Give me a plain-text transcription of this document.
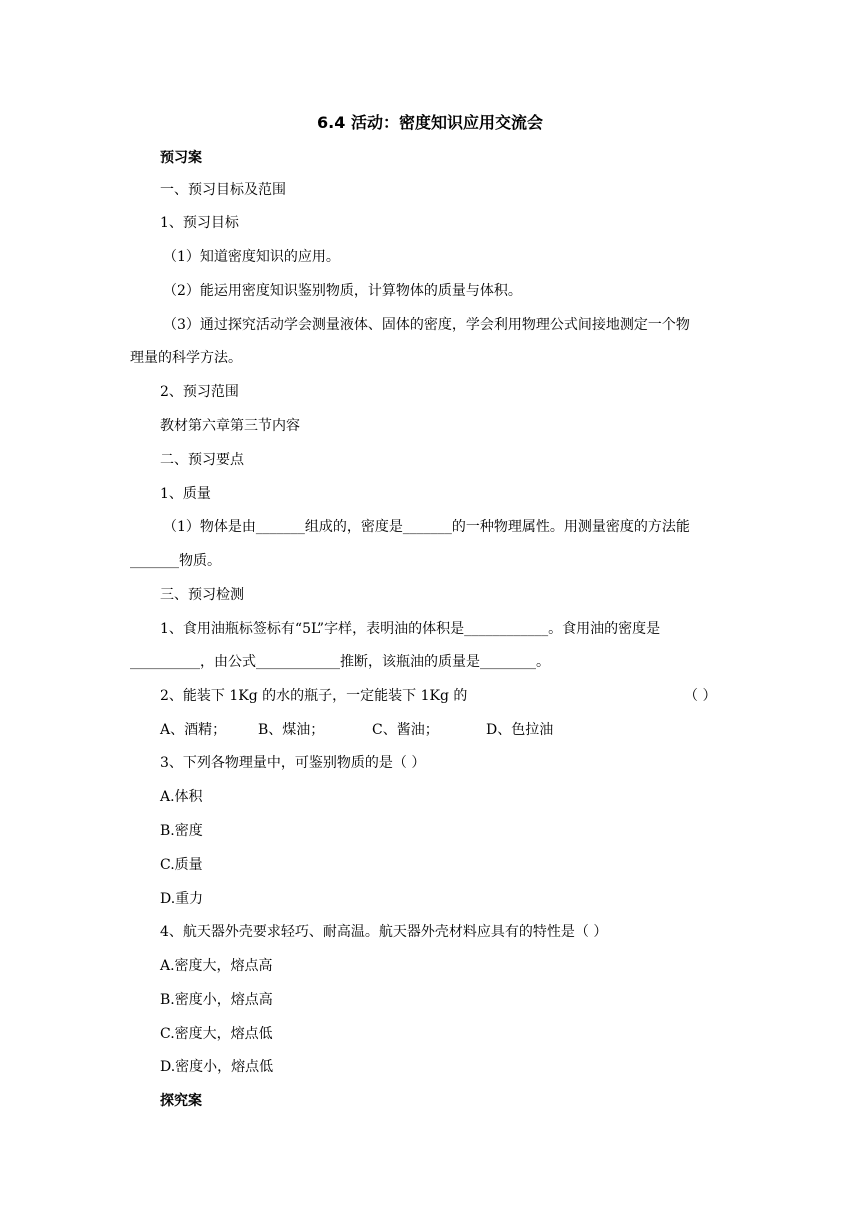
6.4 活动：密度知识应用交流会
预习案
一、预习目标及范围
1、预习目标
（1）知道密度知识的应用。
（2）能运用密度知识鉴别物质，计算物体的质量与体积。
（3）通过探究活动学会测量液体、固体的密度，学会利用物理公式间接地测定一个物
理量的科学方法。
2、预习范围
教材第六章第三节内容
二、预习要点
1、质量
（1）物体是由_______组成的，密度是_______的一种物理属性。用测量密度的方法能
_______物质。
三、预习检测
1、食用油瓶标签标有“5L”字样，表明油的体积是____________。食用油的密度是
__________，由公式____________推断，该瓶油的质量是________。
2、能装下 1Kg 的水的瓶子，一定能装下 1Kg 的	（ ）
A、酒精； B、煤油；	C、酱油；	D、色拉油
3、下列各物理量中，可鉴别物质的是（ ）
A.体积
B.密度
C.质量
D.重力
4、航天器外壳要求轻巧、耐高温。航天器外壳材料应具有的特性是（ ）
A.密度大，熔点高
B.密度小，熔点高
C.密度大，熔点低
D.密度小，熔点低
探究案
